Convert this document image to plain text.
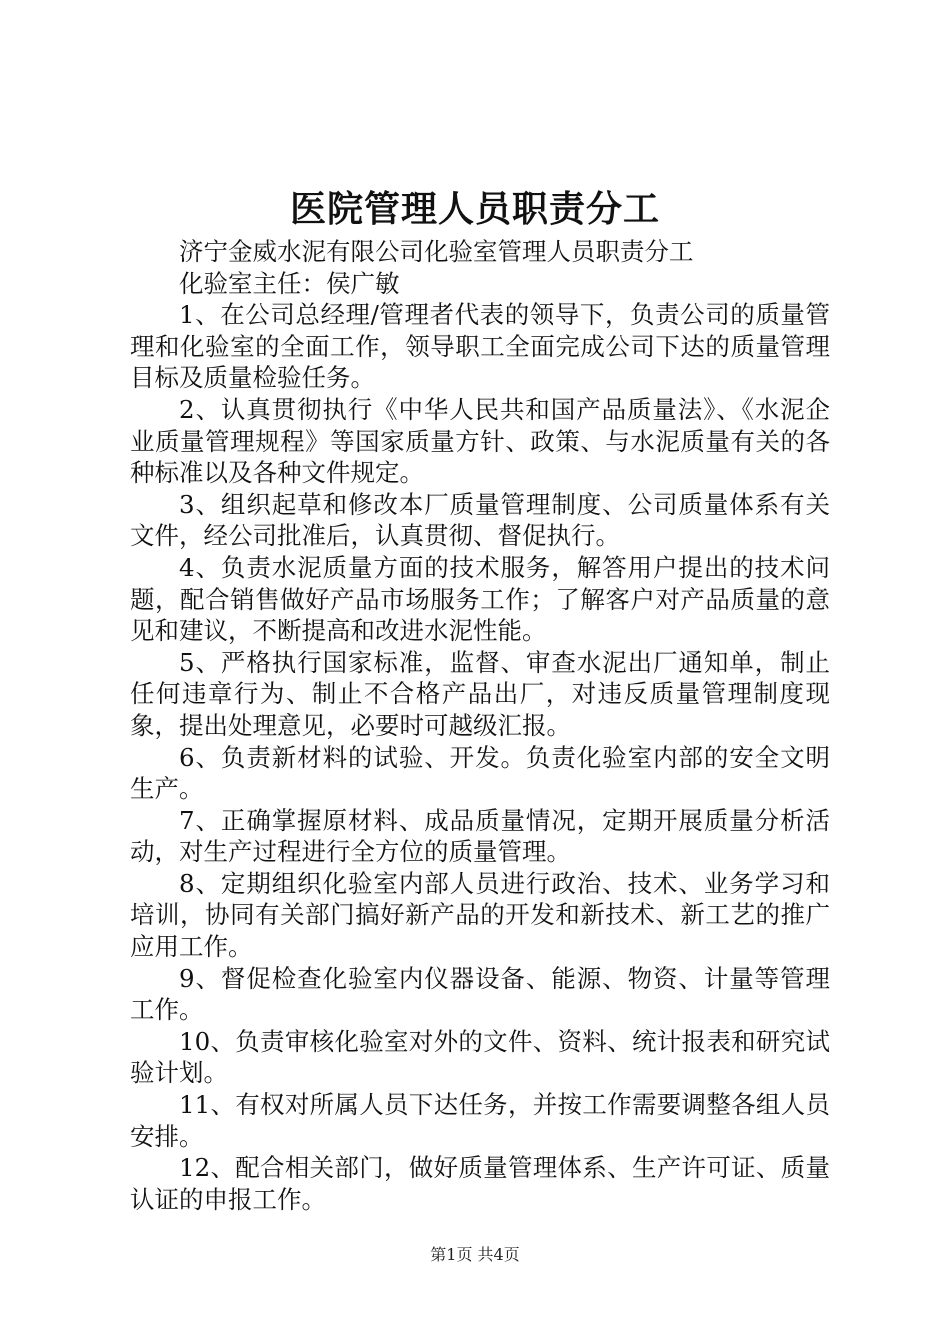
医院管理人员职责分工

济宁金威水泥有限公司化验室管理人员职责分工

化验室主任：侯广敏

1、在公司总经理/管理者代表的领导下，负责公司的质量管理和化验室的全面工作，领导职工全面完成公司下达的质量管理目标及质量检验任务。

2、认真贯彻执行《中华人民共和国产品质量法》、《水泥企业质量管理规程》等国家质量方针、政策、与水泥质量有关的各种标准以及各种文件规定。

3、组织起草和修改本厂质量管理制度、公司质量体系有关文件，经公司批准后，认真贯彻、督促执行。

4、负责水泥质量方面的技术服务，解答用户提出的技术问题，配合销售做好产品市场服务工作；了解客户对产品质量的意见和建议，不断提高和改进水泥性能。

5、严格执行国家标准，监督、审查水泥出厂通知单，制止任何违章行为、制止不合格产品出厂，对违反质量管理制度现象，提出处理意见，必要时可越级汇报。

6、负责新材料的试验、开发。负责化验室内部的安全文明生产。

7、正确掌握原材料、成品质量情况，定期开展质量分析活动，对生产过程进行全方位的质量管理。

8、定期组织化验室内部人员进行政治、技术、业务学习和培训，协同有关部门搞好新产品的开发和新技术、新工艺的推广应用工作。

9、督促检查化验室内仪器设备、能源、物资、计量等管理工作。

10、负责审核化验室对外的文件、资料、统计报表和研究试验计划。

11、有权对所属人员下达任务，并按工作需要调整各组人员安排。

12、配合相关部门，做好质量管理体系、生产许可证、质量认证的申报工作。

第1页 共4页
